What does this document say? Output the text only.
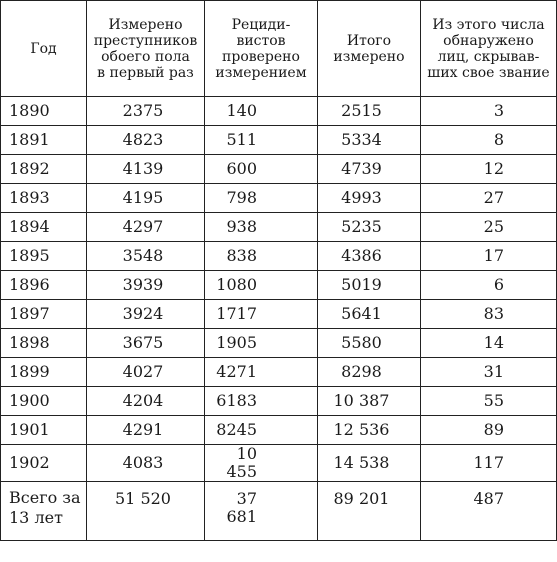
Год	Измерено
преступников
обоего пола
в первый раз	Рециди-
вистов
проверено
измерением	Итого
измерено	Из этого числа
обнаружено
лиц, скрывав-
ших свое звание

1890	2375	140	2515	3
1891	4823	511	5334	8
1892	4139	600	4739	12
1893	4195	798	4993	27
1894	4297	938	5235	25
1895	3548	838	4386	17
1896	3939	1080	5019	6
1897	3924	1717	5641	83
1898	3675	1905	5580	14
1899	4027	4271	8298	31
1900	4204	6183	10 387	55
1901	4291	8245	12 536	89
1902	4083	10 455	14 538	117

Всего за
13 лет	51 520	37 681	89 201	487
